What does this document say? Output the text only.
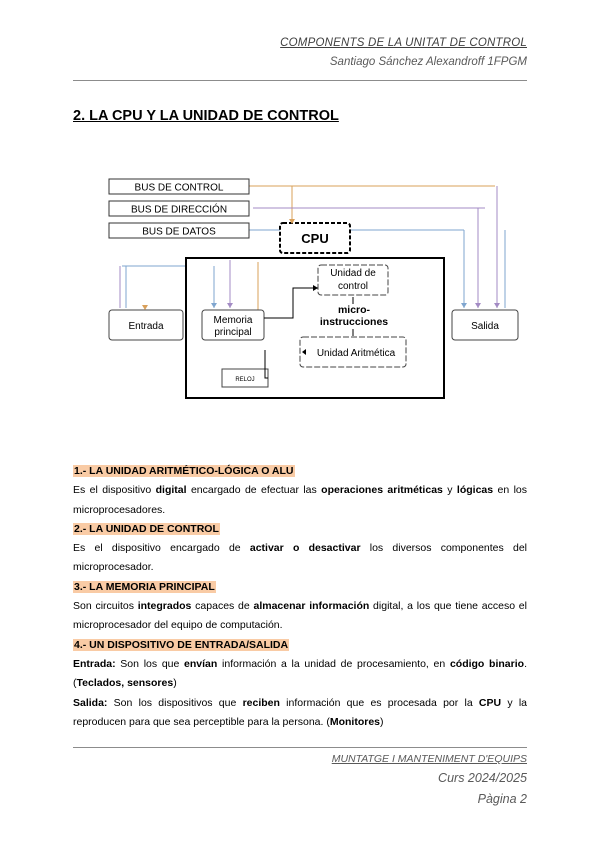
COMPONENTS DE LA UNITAT DE CONTROL
Santiago Sánchez Alexandroff 1FPGM
2. LA CPU Y LA UNIDAD DE CONTROL
BUS DE CONTROL
BUS DE DIRECCIÓN
BUS DE DATOS	CPU
Unidad de
control
micro-
instrucciones
Unidad Aritmética
Memoria
principal
RELOJ
Entrada	Salida

1.- LA UNIDAD ARITMÉTICO-LÓGICA O ALU

Es el dispositivo digital encargado de efectuar las operaciones aritméticas y lógicas en los microprocesadores.

2.- LA UNIDAD DE CONTROL

Es el dispositivo encargado de activar o desactivar los diversos componentes del microprocesador.

3.- LA MEMORIA PRINCIPAL

Son circuitos integrados capaces de almacenar información digital, a los que tiene acceso el microprocesador del equipo de computación.

4.- UN DISPOSITIVO DE ENTRADA/SALIDA

Entrada: Son los que envían información a la unidad de procesamiento, en código binario. (Teclados, sensores)

Salida: Son los dispositivos que reciben información que es procesada por la CPU y la reproducen para que sea perceptible para la persona. (Monitores)

MUNTATGE I MANTENIMENT D'EQUIPS
Curs 2024/2025
Pàgina 2
